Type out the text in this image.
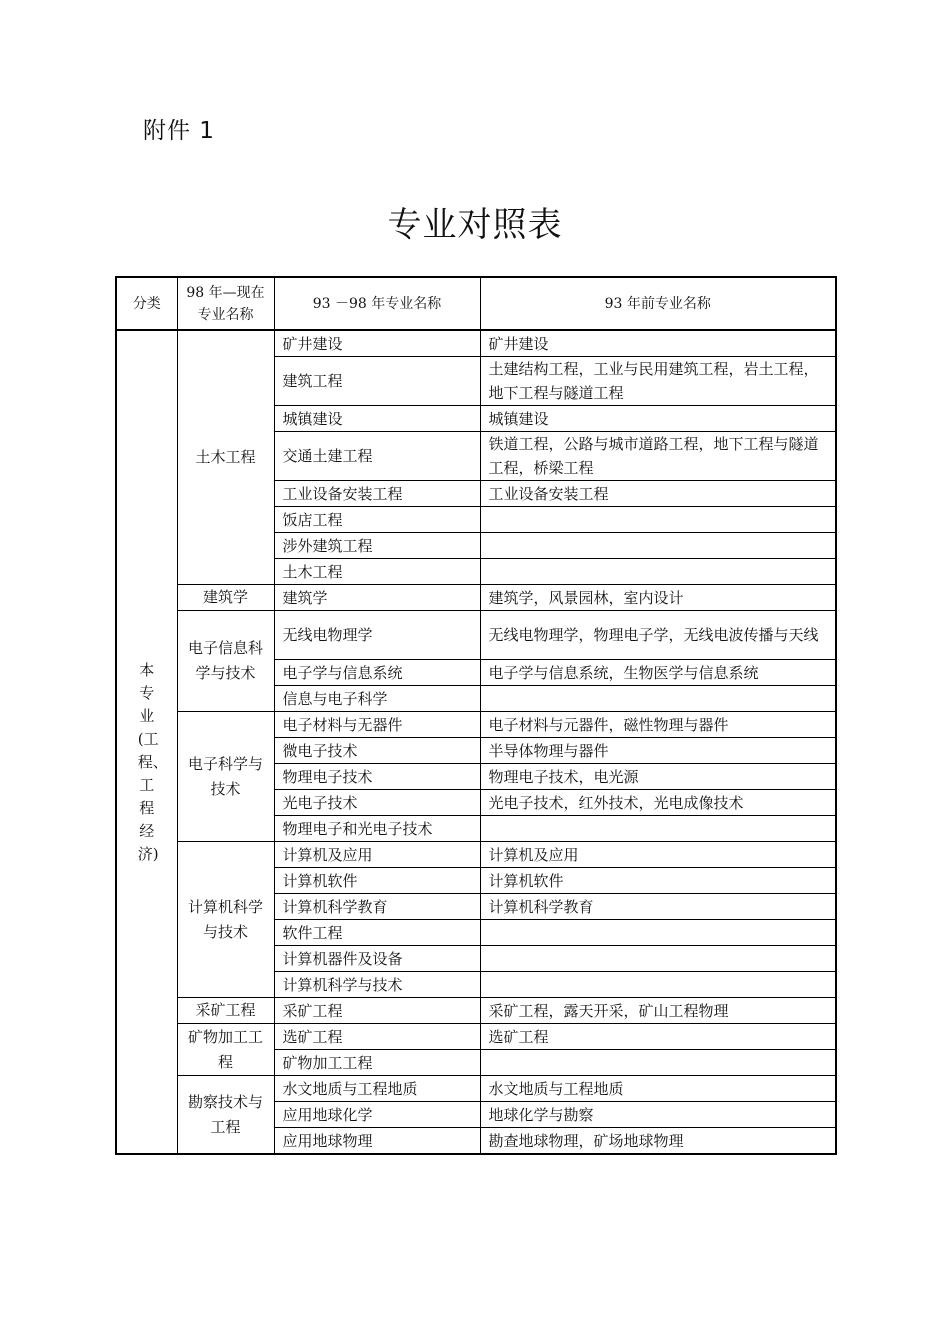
附件 1
专业对照表
分类	98 年—现在专业名称	93 －98 年专业名称	93 年前专业名称
本专业(工程、工程经济)	土木工程	矿井建设	矿井建设
		建筑工程	土建结构工程，工业与民用建筑工程，岩土工程，地下工程与隧道工程
		城镇建设	城镇建设
		交通土建工程	铁道工程，公路与城市道路工程，地下工程与隧道工程，桥梁工程
		工业设备安装工程	工业设备安装工程
		饭店工程	
		涉外建筑工程	
		土木工程	
	建筑学	建筑学	建筑学，风景园林，室内设计
	电子信息科学与技术	无线电物理学	无线电物理学，物理电子学，无线电波传播与天线
		电子学与信息系统	电子学与信息系统，生物医学与信息系统
		信息与电子科学	
	电子科学与技术	电子材料与无器件	电子材料与元器件，磁性物理与器件
		微电子技术	半导体物理与器件
		物理电子技术	物理电子技术，电光源
		光电子技术	光电子技术，红外技术，光电成像技术
		物理电子和光电子技术	
	计算机科学与技术	计算机及应用	计算机及应用
		计算机软件	计算机软件
		计算机科学教育	计算机科学教育
		软件工程	
		计算机器件及设备	
		计算机科学与技术	
	采矿工程	采矿工程	采矿工程，露天开采，矿山工程物理
	矿物加工工程	选矿工程	选矿工程
		矿物加工工程	
	勘察技术与工程	水文地质与工程地质	水文地质与工程地质
		应用地球化学	地球化学与勘察
		应用地球物理	勘查地球物理，矿场地球物理
